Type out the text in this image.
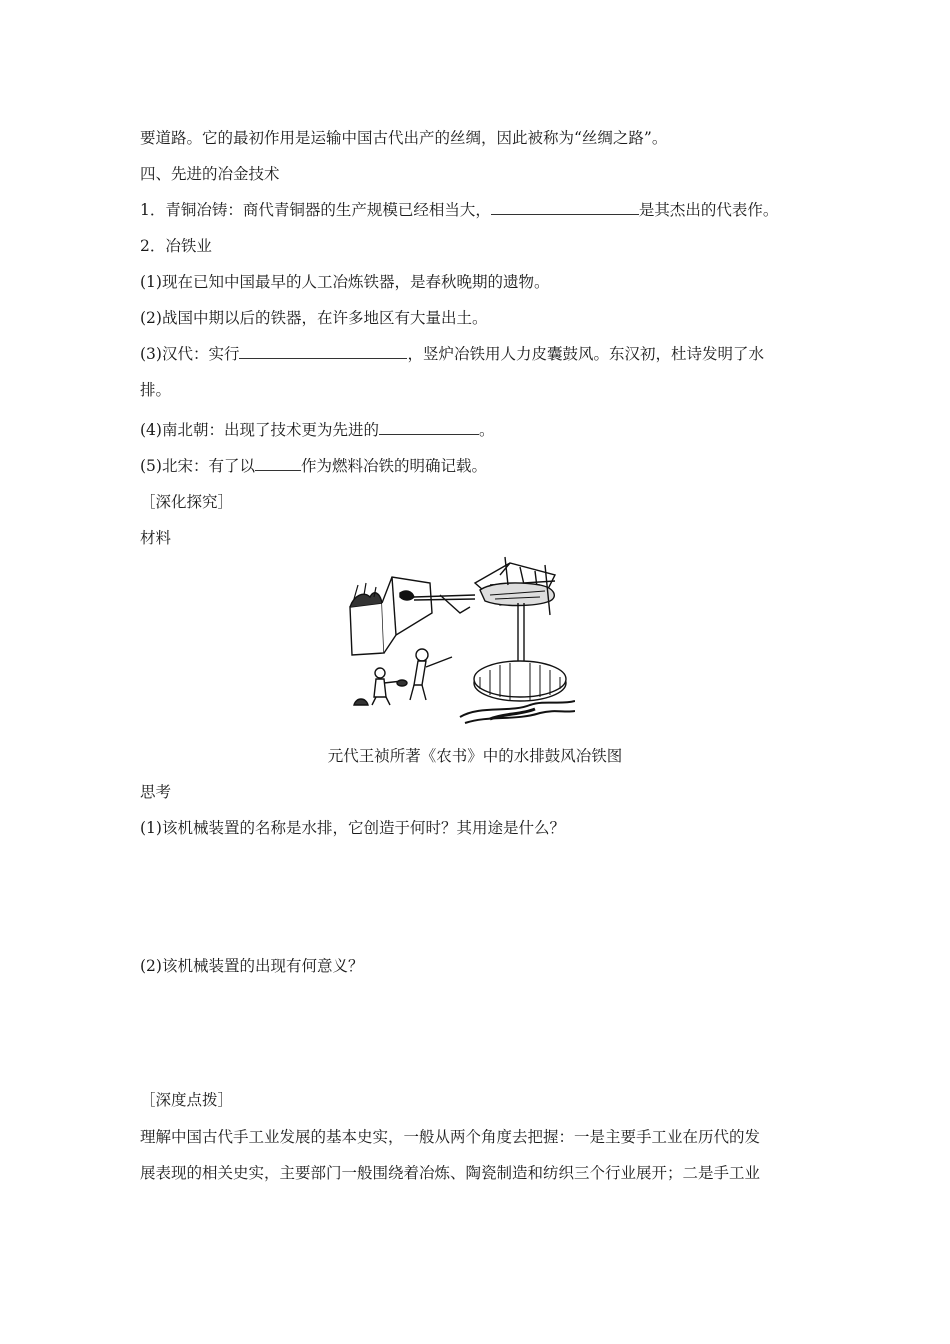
要道路。它的最初作用是运输中国古代出产的丝绸，因此被称为“丝绸之路”。
四、先进的冶金技术
1．青铜冶铸：商代青铜器的生产规模已经相当大，	是其杰出的代表作。
2．冶铁业
(1)现在已知中国最早的人工冶炼铁器，是春秋晚期的遗物。
(2)战国中期以后的铁器，在许多地区有大量出土。
(3)汉代：实行	，竖炉冶铁用人力皮囊鼓风。东汉初，杜诗发明了水
排。
(4)南北朝：出现了技术更为先进的	。
(5)北宋：有了以	作为燃料冶铁的明确记载。
［深化探究］
材料
元代王祯所著《农书》中的水排鼓风冶铁图
思考
(1)该机械装置的名称是水排，它创造于何时？其用途是什么？
(2)该机械装置的出现有何意义？
［深度点拨］
理解中国古代手工业发展的基本史实，一般从两个角度去把握：一是主要手工业在历代的发
展表现的相关史实，主要部门一般围绕着冶炼、陶瓷制造和纺织三个行业展开；二是手工业
